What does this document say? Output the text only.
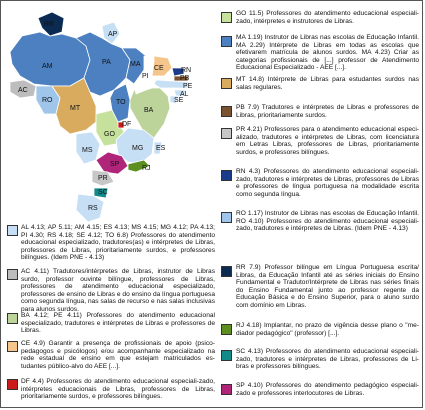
AM
PA	MA
CE RN
PB
PE
AL
SE
AC
RO
MT
TO
BA
GO
DF
MG ES
MS
SP
RJ
PR
SC
RS
AP
RR
PI
AL 4.13; AP 5.11; AM 4.15; ES 4.13; MS 4.15; MG 4.12; PA 4.13; PI 4.30; RS 4.18; SE 4.12; TO 6.8) Professores do atendimento educacional especializado, tradutores(as) e intérpretes de Libras, professores de Libras, prioritariamente surdos, e professores bilíngues. (Idem PNE - 4.13)
AC 4.11) Tradutores/intérpretes de Libras, instrutor de Libras surdo, professor ouvinte bilíngue, professores de Libras, professores de atendimento educacional especializado, professores de ensino de Libras e do ensino da língua portuguesa como segunda língua, nas salas de recurso e nas salas inclusivas para alunos surdos.
BA 4.12; PE 4.11) Professores do atendimento educacional especializado, tradutores e intérpretes de Libras e professores de Libras.
CE 4.9) Garantir a presença de profissionais de apoio (psico-pedagogos e psicólogos) e/ou acompanhante especializado na rede estadual de ensino em que estejam matriculados es-tudantes público-alvo do AEE [...].
DF 4.4) Professores do atendimento educacional especiali-zado, intérpretes educacionais de Libras, professores de Libras, prioritariamente surdos, e professores bilíngues.
GO 11.5) Professores do atendimento educacional especiali-zado, intérpretes e instrutores de Libras.
MA 1.19) Instrutor de Libras nas escolas de Educação Infantil. MA 2.29) Intérprete de Libras em todas as escolas que efetivarem matrícula de alunos surdos. MA 4.23) Criar as categorias profissionais de [...] professor de Atendimento Educacional Especializado - AEE [...].
MT 14.8) Intérprete de Libras para estudantes surdos nas salas regulares.
PB 7.9) Tradutores e intérpretes de Libras e professores de Libras, prioritariamente surdos.
PR 4.21) Professores para o atendimento educacional especi-alizado, tradutores e intérpretes de Libras, com licenciatura em Letras Libras, professores de Libras, prioritariamente surdos, e professores bilíngues.
RN 4.3) Professores do atendimento educacional especiali-zado, tradutores e intérpretes de Libras, professores de Libras e professores de língua portuguesa na modalidade escrita como segunda língua.
RO 1.17) Instrutor de Libras nas escolas de Educação Infantil. RO 4.10) Professores do atendimento educacional especiali-zado, tradutores e intérpretes de Libras. (Idem PNE - 4.13)
RR 7.9) Professor bilíngue em Língua Portuguesa escrita/ Libras, da Educação Infantil até as séries iniciais do Ensino Fundamental e Tradutor/Intérprete de Libras nas séries finais do Ensino Fundamental junto ao professor regente da Educação Básica e do Ensino Superior, para o aluno surdo com domínio em Libras.
RJ 4.18) Implantar, no prazo de vigência desse plano o "me-diador pedagógico" (professor) [...].
SC 4.13) Professores do atendimento educacional especiali-zado, tradutores e intérpretes de Libras, professores de Li-bras e professores bilíngues.
SP 4.10) Professores do atendimento pedagógico especiali-zado e professores interlocutores de Libras.
